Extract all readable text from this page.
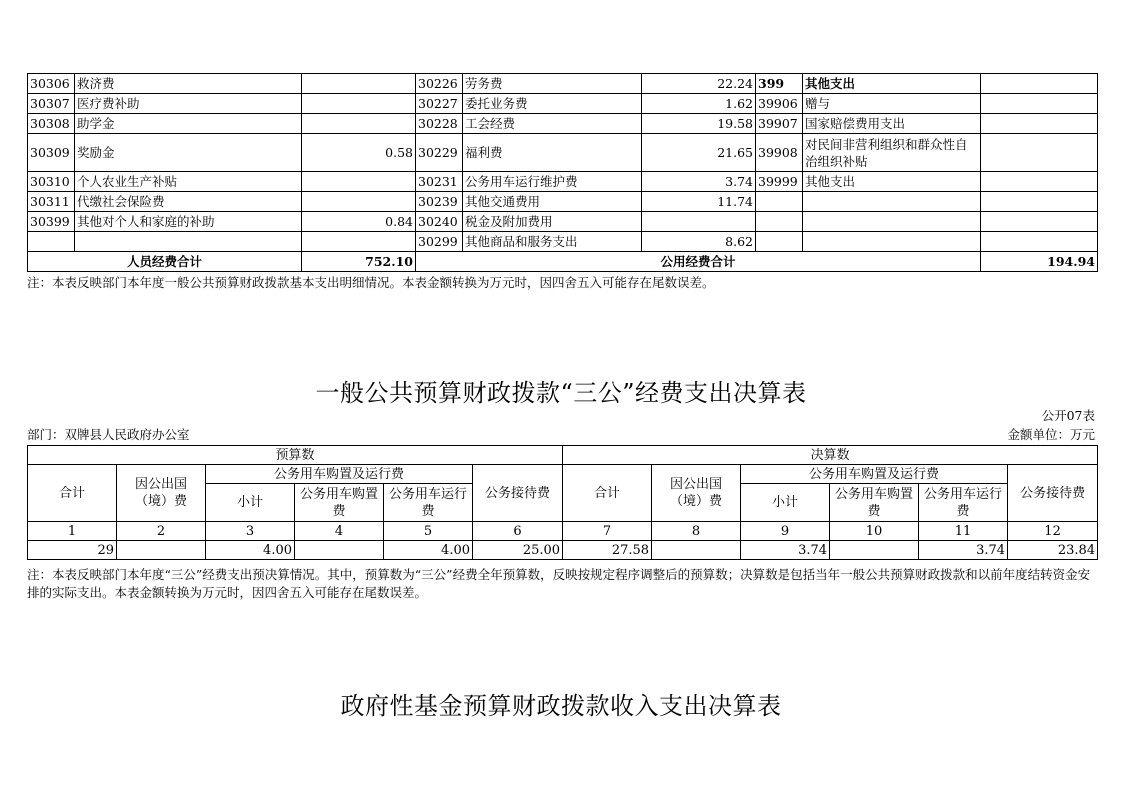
30306	救济费		30226	劳务费	22.24	399	其他支出	
30307	医疗费补助		30227	委托业务费	1.62	39906	赠与	
30308	助学金		30228	工会经费	19.58	39907	国家赔偿费用支出	
30309	奖励金	0.58	30229	福利费	21.65	39908	对民间非营利组织和群众性自治组织补贴	
30310	个人农业生产补贴		30231	公务用车运行维护费	3.74	39999	其他支出	
30311	代缴社会保险费		30239	其他交通费用	11.74			
30399	其他对个人和家庭的补助	0.84	30240	税金及附加费用				
			30299	其他商品和服务支出	8.62			
人员经费合计		752.10	公用经费合计					194.94
注：本表反映部门本年度一般公共预算财政拨款基本支出明细情况。本表金额转换为万元时，因四舍五入可能存在尾数误差。
一般公共预算财政拨款“三公”经费支出决算表
公开07表
部门：双牌县人民政府办公室	金额单位：万元
预算数						决算数					
合计	因公出国（境）费	公务用车购置及运行费			公务接待费	合计	因公出国（境）费	公务用车购置及运行费			公务接待费
		小计	公务用车购置费	公务用车运行费				小计	公务用车购置费	公务用车运行费	
1	2	3	4	5	6	7	8	9	10	11	12
29		4.00		4.00	25.00	27.58		3.74		3.74	23.84
注：本表反映部门本年度“三公”经费支出预决算情况。其中，预算数为“三公”经费全年预算数，反映按规定程序调整后的预算数；决算数是包括当年一般公共预算财政拨款和以前年度结转资金安排的实际支出。本表金额转换为万元时，因四舍五入可能存在尾数误差。
政府性基金预算财政拨款收入支出决算表
